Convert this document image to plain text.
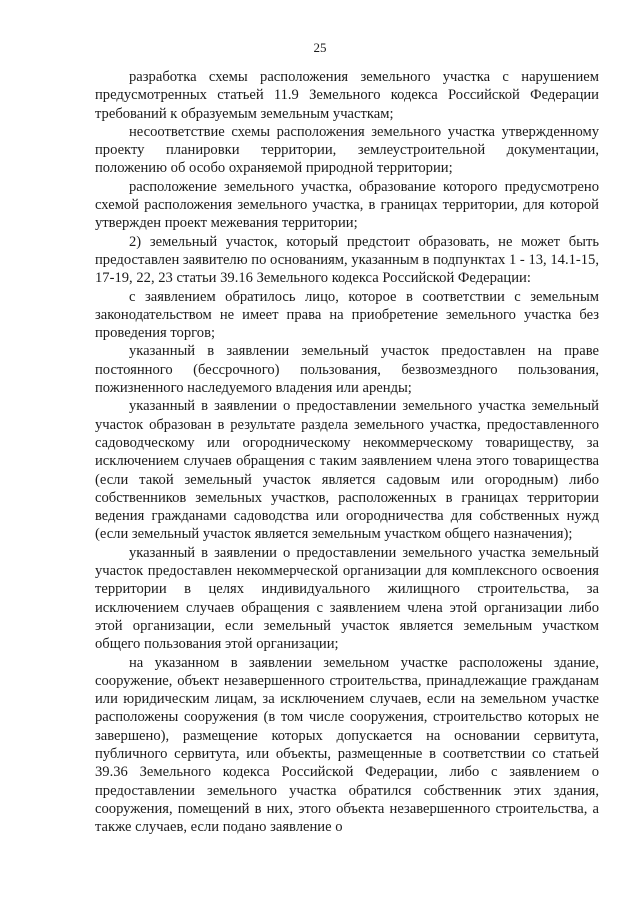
25

разработка схемы расположения земельного участка с нарушением предусмотренных статьей 11.9 Земельного кодекса Российской Федерации требований к образуемым земельным участкам;

несоответствие схемы расположения земельного участка утвержденному проекту планировки территории, землеустроительной документации, положению об особо охраняемой природной территории;

расположение земельного участка, образование которого предусмотрено схемой расположения земельного участка, в границах территории, для которой утвержден проект межевания территории;

2) земельный участок, который предстоит образовать, не может быть предоставлен заявителю по основаниям, указанным в подпунктах 1 - 13, 14.1-15, 17-19, 22, 23 статьи 39.16 Земельного кодекса Российской Федерации:

с заявлением обратилось лицо, которое в соответствии с земельным законодательством не имеет права на приобретение земельного участка без проведения торгов;

указанный в заявлении земельный участок предоставлен на праве постоянного (бессрочного) пользования, безвозмездного пользования, пожизненного наследуемого владения или аренды;

указанный в заявлении о предоставлении земельного участка земельный участок образован в результате раздела земельного участка, предоставленного садоводческому или огородническому некоммерческому товариществу, за исключением случаев обращения с таким заявлением члена этого товарищества (если такой земельный участок является садовым или огородным) либо собственников земельных участков, расположенных в границах территории ведения гражданами садоводства или огородничества для собственных нужд (если земельный участок является земельным участком общего назначения);

указанный в заявлении о предоставлении земельного участка земельный участок предоставлен некоммерческой организации для комплексного освоения территории в целях индивидуального жилищного строительства, за исключением случаев обращения с заявлением члена этой организации либо этой организации, если земельный участок является земельным участком общего пользования этой организации;

на указанном в заявлении земельном участке расположены здание, сооружение, объект незавершенного строительства, принадлежащие гражданам или юридическим лицам, за исключением случаев, если на земельном участке расположены сооружения (в том числе сооружения, строительство которых не завершено), размещение которых допускается на основании сервитута, публичного сервитута, или объекты, размещенные в соответствии со статьей 39.36 Земельного кодекса Российской Федерации, либо с заявлением о предоставлении земельного участка обратился собственник этих здания, сооружения, помещений в них, этого объекта незавершенного строительства, а также случаев, если подано заявление о
